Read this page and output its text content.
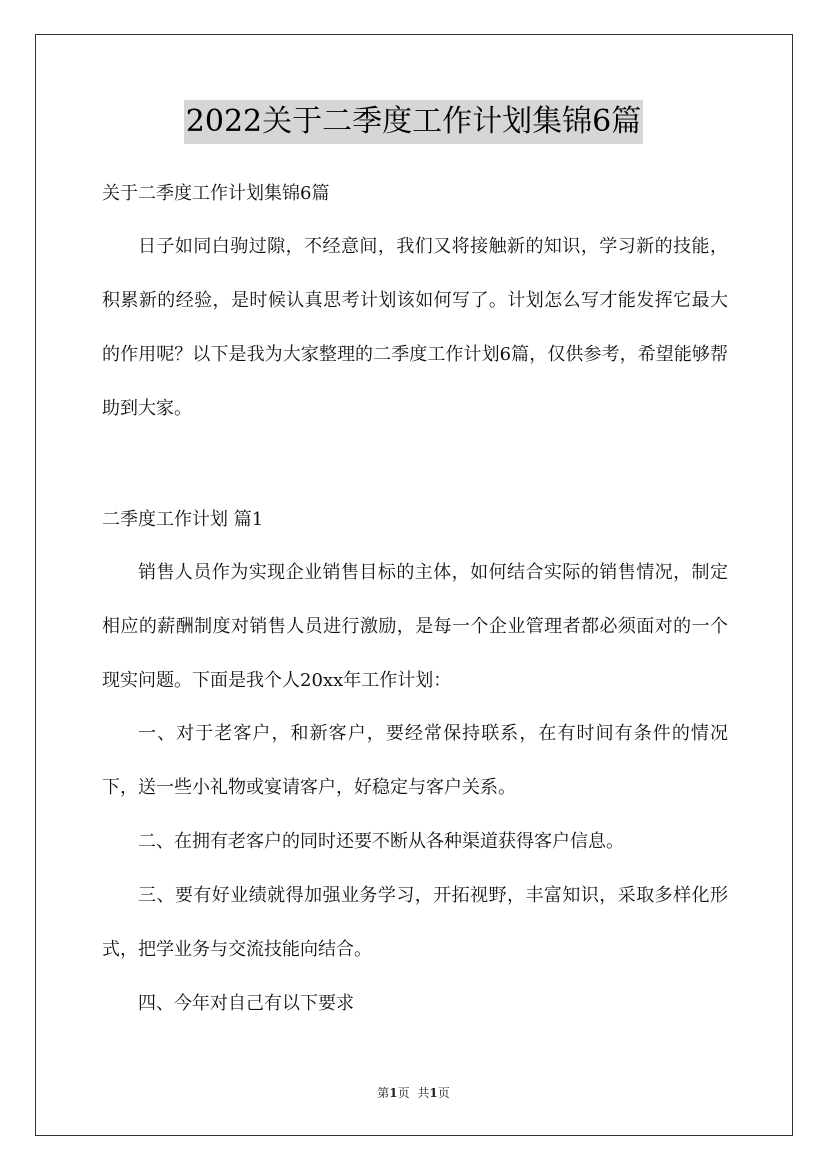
2022关于二季度工作计划集锦6篇
关于二季度工作计划集锦6篇
日子如同白驹过隙，不经意间，我们又将接触新的知识，学习新的技能，积累新的经验，是时候认真思考计划该如何写了。计划怎么写才能发挥它最大的作用呢？以下是我为大家整理的二季度工作计划6篇，仅供参考，希望能够帮助到大家。
二季度工作计划 篇1
销售人员作为实现企业销售目标的主体，如何结合实际的销售情况，制定相应的薪酬制度对销售人员进行激励，是每一个企业管理者都必须面对的一个现实问题。下面是我个人20xx年工作计划：
一、对于老客户，和新客户，要经常保持联系，在有时间有条件的情况下，送一些小礼物或宴请客户，好稳定与客户关系。
二、在拥有老客户的同时还要不断从各种渠道获得客户信息。
三、要有好业绩就得加强业务学习，开拓视野，丰富知识，采取多样化形式，把学业务与交流技能向结合。
四、今年对自己有以下要求
第1页 共1页
